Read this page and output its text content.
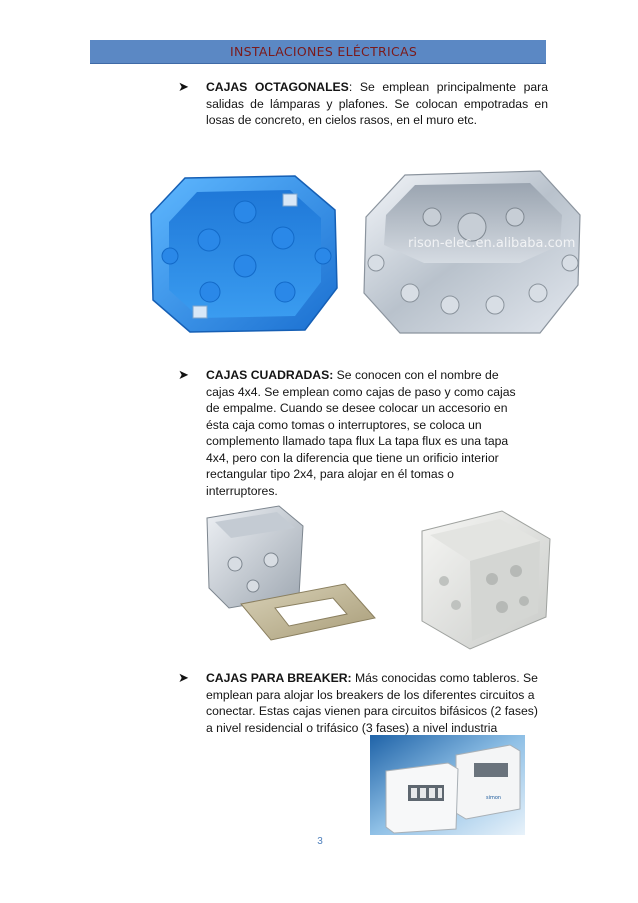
INSTALACIONES ELÉCTRICAS
➤	CAJAS OCTAGONALES: Se emplean principalmente para salidas de lámparas y plafones. Se colocan empotradas en losas de concreto, en cielos rasos, en el muro etc.
rison-elec.en.alibaba.com
➤	CAJAS CUADRADAS: Se conocen con el nombre de cajas 4x4. Se emplean como cajas de paso y como cajas de empalme. Cuando se desee colocar un accesorio en ésta caja como tomas o interruptores, se coloca un complemento llamado tapa flux La tapa flux es una tapa 4x4, pero con la diferencia que tiene un orificio interior rectangular tipo 2x4, para alojar en él tomas o interruptores.
➤	CAJAS PARA BREAKER: Más conocidas como tableros. Se emplean para alojar los breakers de los diferentes circuitos a conectar. Estas cajas vienen para circuitos bifásicos (2 fases) a nivel residencial o trifásico (3 fases) a nivel industria
simon
3
